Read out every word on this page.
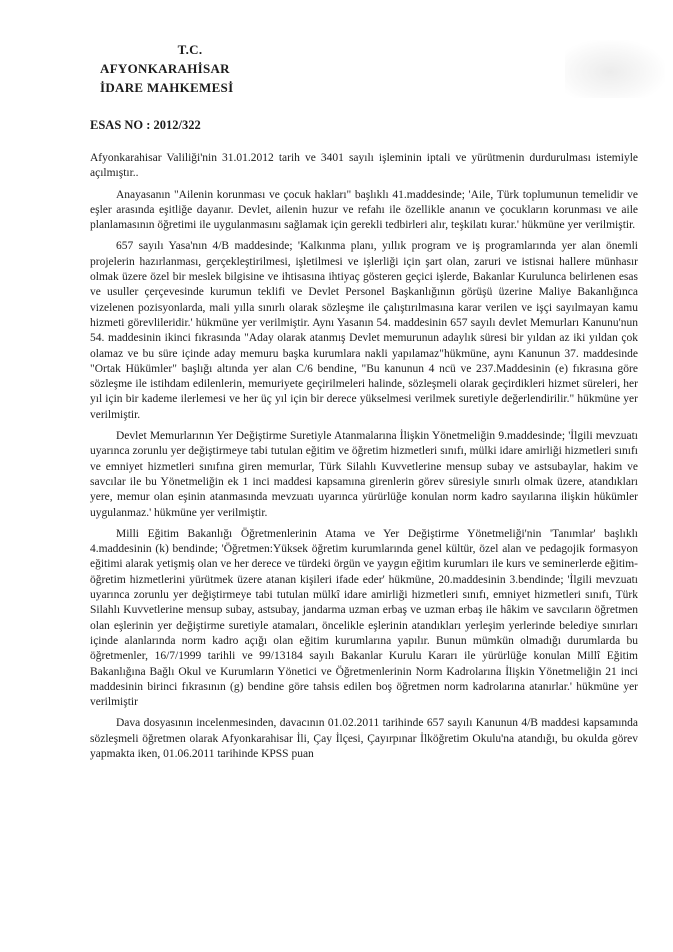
T.C.
AFYONKARAHİSAR
İDARE MAHKEMESİ
ESAS NO : 2012/322

Afyonkarahisar Valiliği'nin 31.01.2012 tarih ve 3401 sayılı işleminin iptali ve yürütmenin durdurulması istemiyle açılmıştır..

Anayasanın "Ailenin korunması ve çocuk hakları" başlıklı 41.maddesinde; 'Aile, Türk toplumunun temelidir ve eşler arasında eşitliğe dayanır. Devlet, ailenin huzur ve refahı ile özellikle ananın ve çocukların korunması ve aile planlamasının öğretimi ile uygulanmasını sağlamak için gerekli tedbirleri alır, teşkilatı kurar.' hükmüne yer verilmiştir.

657 sayılı Yasa'nın 4/B maddesinde; 'Kalkınma planı, yıllık program ve iş programlarında yer alan önemli projelerin hazırlanması, gerçekleştirilmesi, işletilmesi ve işlerliği için şart olan, zaruri ve istisnai hallere münhasır olmak üzere özel bir meslek bilgisine ve ihtisasına ihtiyaç gösteren geçici işlerde, Bakanlar Kurulunca belirlenen esas ve usuller çerçevesinde kurumun teklifi ve Devlet Personel Başkanlığının görüşü üzerine Maliye Bakanlığınca vizelenen pozisyonlarda, mali yılla sınırlı olarak sözleşme ile çalıştırılmasına karar verilen ve işçi sayılmayan kamu hizmeti görevlileridir.' hükmüne yer verilmiştir. Aynı Yasanın 54. maddesinin 657 sayılı devlet Memurları Kanunu'nun 54. maddesinin ikinci fıkrasında "Aday olarak atanmış Devlet memurunun adaylık süresi bir yıldan az iki yıldan çok olamaz ve bu süre içinde aday memuru başka kurumlara nakli yapılamaz"hükmüne, aynı Kanunun 37. maddesinde "Ortak Hükümler" başlığı altında yer alan C/6 bendine, "Bu kanunun 4 ncü ve 237.Maddesinin (e) fıkrasına göre sözleşme ile istihdam edilenlerin, memuriyete geçirilmeleri halinde, sözleşmeli olarak geçirdikleri hizmet süreleri, her yıl için bir kademe ilerlemesi ve her üç yıl için bir derece yükselmesi verilmek suretiyle değerlendirilir." hükmüne yer verilmiştir.

Devlet Memurlarının Yer Değiştirme Suretiyle Atanmalarına İlişkin Yönetmeliğin 9.maddesinde; 'İlgili mevzuatı uyarınca zorunlu yer değiştirmeye tabi tutulan eğitim ve öğretim hizmetleri sınıfı, mülki idare amirliği hizmetleri sınıfı ve emniyet hizmetleri sınıfına giren memurlar, Türk Silahlı Kuvvetlerine mensup subay ve astsubaylar, hakim ve savcılar ile bu Yönetmeliğin ek 1 inci maddesi kapsamına girenlerin görev süresiyle sınırlı olmak üzere, atandıkları yere, memur olan eşinin atanmasında mevzuatı uyarınca yürürlüğe konulan norm kadro sayılarına ilişkin hükümler uygulanmaz.' hükmüne yer verilmiştir.

Milli Eğitim Bakanlığı Öğretmenlerinin Atama ve Yer Değiştirme Yönetmeliği'nin 'Tanımlar' başlıklı 4.maddesinin (k) bendinde; 'Öğretmen:Yüksek öğretim kurumlarında genel kültür, özel alan ve pedagojik formasyon eğitimi alarak yetişmiş olan ve her derece ve türdeki örgün ve yaygın eğitim kurumları ile kurs ve seminerlerde eğitim-öğretim hizmetlerini yürütmek üzere atanan kişileri ifade eder' hükmüne, 20.maddesinin 3.bendinde; 'İlgili mevzuatı uyarınca zorunlu yer değiştirmeye tabi tutulan mülkî idare amirliği hizmetleri sınıfı, emniyet hizmetleri sınıfı, Türk Silahlı Kuvvetlerine mensup subay, astsubay, jandarma uzman erbaş ve uzman erbaş ile hâkim ve savcıların öğretmen olan eşlerinin yer değiştirme suretiyle atamaları, öncelikle eşlerinin atandıkları yerleşim yerlerinde belediye sınırları içinde alanlarında norm kadro açığı olan eğitim kurumlarına yapılır. Bunun mümkün olmadığı durumlarda bu öğretmenler, 16/7/1999 tarihli ve 99/13184 sayılı Bakanlar Kurulu Kararı ile yürürlüğe konulan Millî Eğitim Bakanlığına Bağlı Okul ve Kurumların Yönetici ve Öğretmenlerinin Norm Kadrolarına İlişkin Yönetmeliğin 21 inci maddesinin birinci fıkrasının (g) bendine göre tahsis edilen boş öğretmen norm kadrolarına atanırlar.' hükmüne yer verilmiştir

Dava dosyasının incelenmesinden, davacının 01.02.2011 tarihinde 657 sayılı Kanunun 4/B maddesi kapsamında sözleşmeli öğretmen olarak Afyonkarahisar İli, Çay İlçesi, Çayırpınar İlköğretim Okulu'na atandığı, bu okulda görev yapmakta iken, 01.06.2011 tarihinde KPSS puan
